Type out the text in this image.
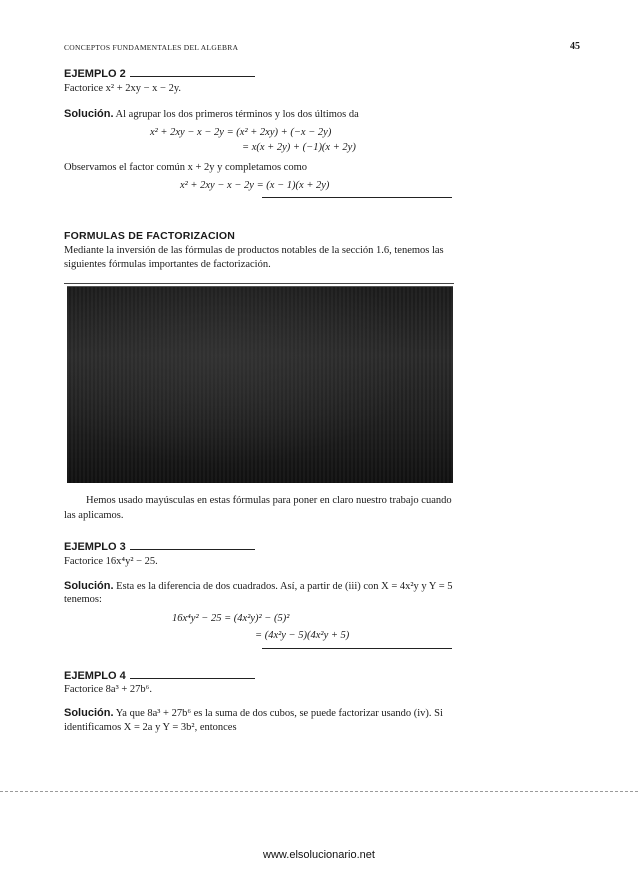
CONCEPTOS FUNDAMENTALES DEL ALGEBRA	45
EJEMPLO 2
Factorice x² + 2xy − x − 2y.
Solución. Al agrupar los dos primeros términos y los dos últimos da
x² + 2xy − x − 2y = (x² + 2xy) + (−x − 2y)
= x(x + 2y) + (−1)(x + 2y)
Observamos el factor común x + 2y y completamos como
x² + 2xy − x − 2y = (x − 1)(x + 2y)
FORMULAS DE FACTORIZACION
Mediante la inversión de las fórmulas de productos notables de la sección 1.6, tenemos las
siguientes fórmulas importantes de factorización.
Hemos usado mayúsculas en estas fórmulas para poner en claro nuestro trabajo cuando
las aplicamos.
EJEMPLO 3
Factorice 16x⁴y² − 25.
Solución. Esta es la diferencia de dos cuadrados. Así, a partir de (iii) con X = 4x²y y Y = 5
tenemos:
16x⁴y² − 25 = (4x²y)² − (5)²
= (4x²y − 5)(4x²y + 5)
EJEMPLO 4
Factorice 8a³ + 27b⁶.
Solución. Ya que 8a³ + 27b⁶ es la suma de dos cubos, se puede factorizar usando (iv). Si
identificamos X = 2a y Y = 3b², entonces
www.elsolucionario.net
